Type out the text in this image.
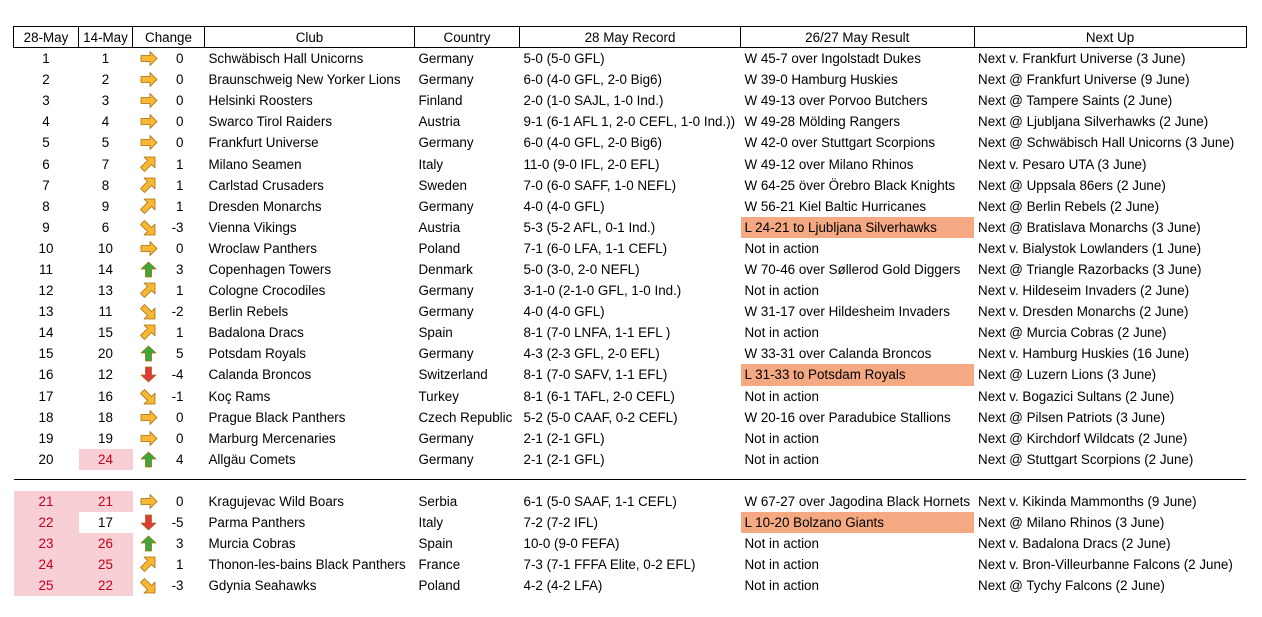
28-May	14-May	Change	Club	Country	28 May Record	26/27 May Result	Next Up
1	1	0	Schwäbisch Hall Unicorns	Germany	5-0 (5-0 GFL)	W 45-7 over Ingolstadt Dukes	Next v. Frankfurt Universe (3 June)
2	2	0	Braunschweig New Yorker Lions	Germany	6-0 (4-0 GFL, 2-0 Big6)	W 39-0 Hamburg Huskies	Next @ Frankfurt Universe (9 June)
3	3	0	Helsinki Roosters	Finland	2-0 (1-0 SAJL, 1-0 Ind.)	W 49-13 over Porvoo Butchers	Next @ Tampere Saints (2 June)
4	4	0	Swarco Tirol Raiders	Austria	9-1 (6-1 AFL 1, 2-0 CEFL, 1-0 Ind.))	W 49-28 Mölding Rangers	Next @ Ljubljana Silverhawks (2 June)
5	5	0	Frankfurt Universe	Germany	6-0 (4-0 GFL, 2-0 Big6)	W 42-0 over Stuttgart Scorpions	Next @ Schwäbisch Hall Unicorns (3 June)
6	7	1	Milano Seamen	Italy	11-0 (9-0 IFL, 2-0 EFL)	W 49-12 over Milano Rhinos	Next v. Pesaro UTA (3 June)
7	8	1	Carlstad Crusaders	Sweden	7-0 (6-0 SAFF, 1-0 NEFL)	W 64-25 över Örebro Black Knights	Next @ Uppsala 86ers (2 June)
8	9	1	Dresden Monarchs	Germany	4-0 (4-0 GFL)	W 56-21 Kiel Baltic Hurricanes	Next @ Berlin Rebels (2 June)
9	6	-3	Vienna Vikings	Austria	5-3 (5-2 AFL, 0-1 Ind.)	L 24-21 to Ljubljana Silverhawks	Next @ Bratislava Monarchs (3 June)
10	10	0	Wroclaw Panthers	Poland	7-1 (6-0 LFA, 1-1 CEFL)	Not in action	Next v. Bialystok Lowlanders (1 June)
11	14	3	Copenhagen Towers	Denmark	5-0 (3-0, 2-0 NEFL)	W 70-46 over Søllerod Gold Diggers	Next @ Triangle Razorbacks (3 June)
12	13	1	Cologne Crocodiles	Germany	3-1-0 (2-1-0 GFL, 1-0 Ind.)	Not in action	Next v. Hildeseim Invaders (2 June)
13	11	-2	Berlin Rebels	Germany	4-0 (4-0 GFL)	W 31-17 over Hildesheim Invaders	Next v. Dresden Monarchs (2 June)
14	15	1	Badalona Dracs	Spain	8-1 (7-0 LNFA, 1-1 EFL )	Not in action	Next @ Murcia Cobras (2 June)
15	20	5	Potsdam Royals	Germany	4-3 (2-3 GFL, 2-0 EFL)	W 33-31 over Calanda Broncos	Next v. Hamburg Huskies (16 June)
16	12	-4	Calanda Broncos	Switzerland	8-1 (7-0 SAFV, 1-1 EFL)	L 31-33 to Potsdam Royals	Next @ Luzern Lions (3 June)
17	16	-1	Koç Rams	Turkey	8-1 (6-1 TAFL, 2-0 CEFL)	Not in action	Next v. Bogazici Sultans (2 June)
18	18	0	Prague Black Panthers	Czech Republic	5-2 (5-0 CAAF, 0-2 CEFL)	W 20-16 over Paradubice Stallions	Next @ Pilsen Patriots (3 June)
19	19	0	Marburg Mercenaries	Germany	2-1 (2-1 GFL)	Not in action	Next @ Kirchdorf Wildcats (2 June)
20	24	4	Allgäu Comets	Germany	2-1 (2-1 GFL)	Not in action	Next @ Stuttgart Scorpions (2 June)

21	21	0	Kragujevac Wild Boars	Serbia	6-1 (5-0 SAAF, 1-1 CEFL)	W 67-27 over Jagodina Black Hornets	Next v. Kikinda Mammonths (9 June)
22	17	-5	Parma Panthers	Italy	7-2 (7-2 IFL)	L 10-20 Bolzano Giants	Next @ Milano Rhinos (3 June)
23	26	3	Murcia Cobras	Spain	10-0 (9-0 FEFA)	Not in action	Next v. Badalona Dracs (2 June)
24	25	1	Thonon-les-bains Black Panthers	France	7-3 (7-1 FFFA Elite, 0-2 EFL)	Not in action	Next v. Bron-Villeurbanne Falcons (2 June)
25	22	-3	Gdynia Seahawks	Poland	4-2 (4-2 LFA)	Not in action	Next @ Tychy Falcons (2 June)
